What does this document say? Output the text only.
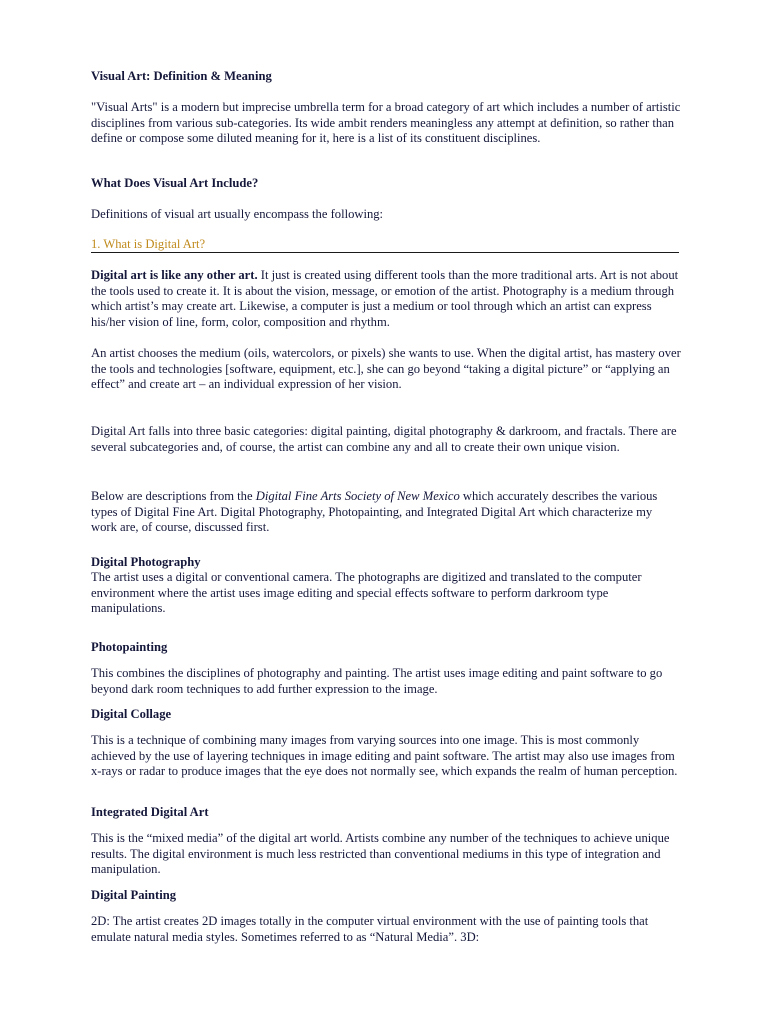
Visual Art: Definition & Meaning

"Visual Arts" is a modern but imprecise umbrella term for a broad category of art which includes a number of artistic disciplines from various sub-categories. Its wide ambit renders meaningless any attempt at definition, so rather than define or compose some diluted meaning for it, here is a list of its constituent disciplines.

What Does Visual Art Include?

Definitions of visual art usually encompass the following:

1. What is Digital Art?

Digital art is like any other art. It just is created using different tools than the more traditional arts. Art is not about the tools used to create it. It is about the vision, message, or emotion of the artist. Photography is a medium through which artist’s may create art. Likewise, a computer is just a medium or tool through which an artist can express his/her vision of line, form, color, composition and rhythm.

An artist chooses the medium (oils, watercolors, or pixels) she wants to use. When the digital artist, has mastery over the tools and technologies [software, equipment, etc.], she can go beyond “taking a digital picture” or “applying an effect” and create art – an individual expression of her vision.

Digital Art falls into three basic categories: digital painting, digital photography & darkroom, and fractals. There are several subcategories and, of course, the artist can combine any and all to create their own unique vision.

Below are descriptions from the Digital Fine Arts Society of New Mexico which accurately describes the various types of Digital Fine Art. Digital Photography, Photopainting, and Integrated Digital Art which characterize my work are, of course, discussed first.

Digital Photography

The artist uses a digital or conventional camera. The photographs are digitized and translated to the computer environment where the artist uses image editing and special effects software to perform darkroom type manipulations.

Photopainting

This combines the disciplines of photography and painting. The artist uses image editing and paint software to go beyond dark room techniques to add further expression to the image.

Digital Collage

This is a technique of combining many images from varying sources into one image. This is most commonly achieved by the use of layering techniques in image editing and paint software. The artist may also use images from x-rays or radar to produce images that the eye does not normally see, which expands the realm of human perception.

Integrated Digital Art

This is the “mixed media” of the digital art world. Artists combine any number of the techniques to achieve unique results. The digital environment is much less restricted than conventional mediums in this type of integration and manipulation.

Digital Painting

2D: The artist creates 2D images totally in the computer virtual environment with the use of painting tools that emulate natural media styles. Sometimes referred to as “Natural Media”. 3D:
